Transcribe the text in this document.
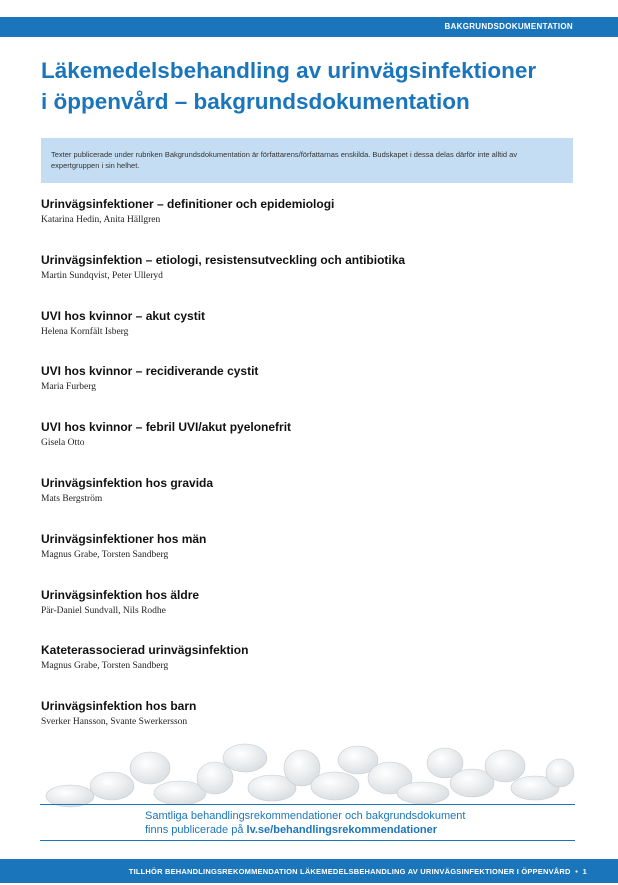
BAKGRUNDSDOKUMENTATION
Läkemedelsbehandling av urinvägsinfektioner
i öppenvård – bakgrundsdokumentation
Texter publicerade under rubriken Bakgrundsdokumentation är författarens/författarnas enskilda. Budskapet i dessa delas därför inte alltid av expertgruppen i sin helhet.
Urinvägsinfektioner – definitioner och epidemiologi
Katarina Hedin, Anita Hällgren
Urinvägsinfektion – etiologi, resistensutveckling och antibiotika
Martin Sundqvist, Peter Ulleryd
UVI hos kvinnor – akut cystit
Helena Kornfält Isberg
UVI hos kvinnor – recidiverande cystit
Maria Furberg
UVI hos kvinnor – febril UVI/akut pyelonefrit
Gisela Otto
Urinvägsinfektion hos gravida
Mats Bergström
Urinvägsinfektioner hos män
Magnus Grabe, Torsten Sandberg
Urinvägsinfektion hos äldre
Pär-Daniel Sundvall, Nils Rodhe
Kateterassocierad urinvägsinfektion
Magnus Grabe, Torsten Sandberg
Urinvägsinfektion hos barn
Sverker Hansson, Svante Swerkersson
Samtliga behandlingsrekommendationer och bakgrundsdokument
finns publicerade på lv.se/behandlingsrekommendationer
TILLHÖR BEHANDLINGSREKOMMENDATION LÄKEMEDELSBEHANDLING AV URINVÄGSINFEKTIONER I ÖPPENVÅRD • 1
